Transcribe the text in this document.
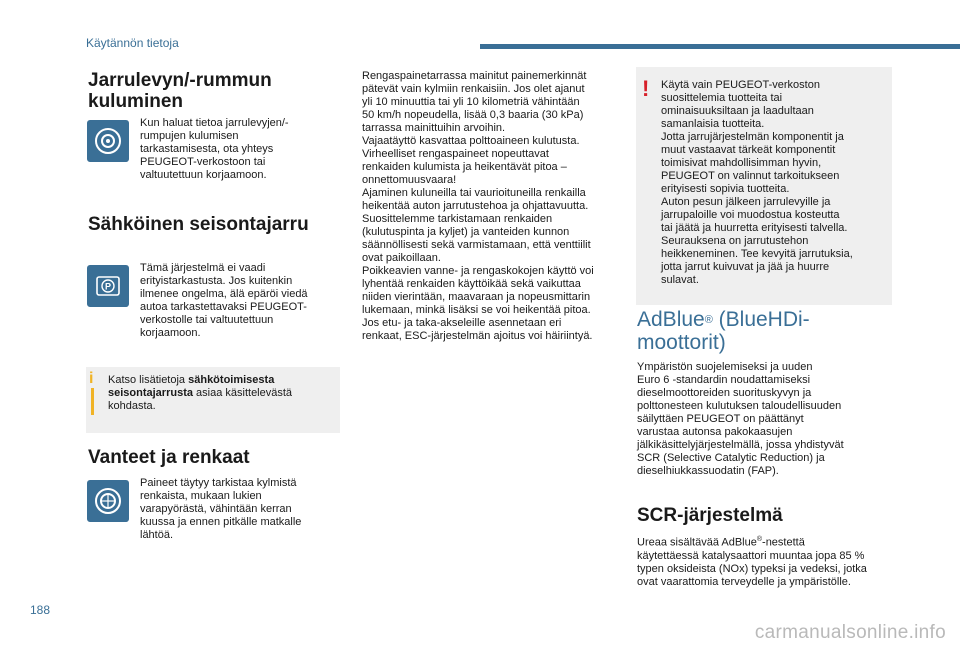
Käytännön tietoja
Jarrulevyn/-rummun
kuluminen
Kun haluat tietoa jarrulevyjen/-
rumpujen kulumisen
tarkastamisesta, ota yhteys
PEUGEOT-verkostoon tai
valtuutettuun korjaamoon.
Sähköinen seisontajarru
P
Tämä järjestelmä ei vaadi
erityistarkastusta. Jos kuitenkin
ilmenee ongelma, älä epäröi viedä
autoa tarkastettavaksi PEUGEOT-
verkostolle tai valtuutettuun
korjaamoon.
i Katso lisätietoja sähkötoimisesta
seisontajarrusta asiaa käsittelevästä
kohdasta.
Vanteet ja renkaat
Paineet täytyy tarkistaa kylmistä
renkaista, mukaan lukien
varapyörästä, vähintään kerran
kuussa ja ennen pitkälle matkalle
lähtöä.
Rengaspainetarrassa mainitut painemerkinnät
pätevät vain kylmiin renkaisiin. Jos olet ajanut
yli 10 minuuttia tai yli 10 kilometriä vähintään
50 km/h nopeudella, lisää 0,3 baaria (30 kPa)
tarrassa mainittuihin arvoihin.
Vajaatäyttö kasvattaa polttoaineen kulutusta.
Virheelliset rengaspaineet nopeuttavat
renkaiden kulumista ja heikentävät pitoa –
onnettomuusvaara!
Ajaminen kuluneilla tai vaurioituneilla renkailla
heikentää auton jarrutustehoa ja ohjattavuutta.
Suosittelemme tarkistamaan renkaiden
(kulutuspinta ja kyljet) ja vanteiden kunnon
säännöllisesti sekä varmistamaan, että venttiilit
ovat paikoillaan.
Poikkeavien vanne- ja rengaskokojen käyttö voi
lyhentää renkaiden käyttöikää sekä vaikuttaa
niiden vierintään, maavaraan ja nopeusmittarin
lukemaan, minkä lisäksi se voi heikentää pitoa.
Jos etu- ja taka-akseleille asennetaan eri
renkaat, ESC-järjestelmän ajoitus voi häiriintyä.
! Käytä vain PEUGEOT-verkoston
suosittelemia tuotteita tai
ominaisuuksiltaan ja laadultaan
samanlaisia tuotteita.
Jotta jarrujärjestelmän komponentit ja
muut vastaavat tärkeät komponentit
toimisivat mahdollisimman hyvin,
PEUGEOT on valinnut tarkoitukseen
erityisesti sopivia tuotteita.
Auton pesun jälkeen jarrulevyille ja
jarrupaloille voi muodostua kosteutta
tai jäätä ja huurretta erityisesti talvella.
Seurauksena on jarrutustehon
heikkeneminen. Tee kevyitä jarrutuksia,
jotta jarrut kuivuvat ja jää ja huurre
sulavat.
AdBlue® (BlueHDi-
moottorit)
Ympäristön suojelemiseksi ja uuden
Euro 6 -standardin noudattamiseksi
dieselmoottoreiden suorituskyvyn ja
polttonesteen kulutuksen taloudellisuuden
säilyttäen PEUGEOT on päättänyt
varustaa autonsa pakokaasujen
jälkikäsittelyjärjestelmällä, jossa yhdistyvät
SCR (Selective Catalytic Reduction) ja
dieselhiukkassuodatin (FAP).
SCR-järjestelmä
Ureaa sisältävää AdBlue®-nestettä
käytettäessä katalysaattori muuntaa jopa 85 %
typen oksideista (NOx) typeksi ja vedeksi, jotka
ovat vaarattomia terveydelle ja ympäristölle.
188
carmanualsonline.info
